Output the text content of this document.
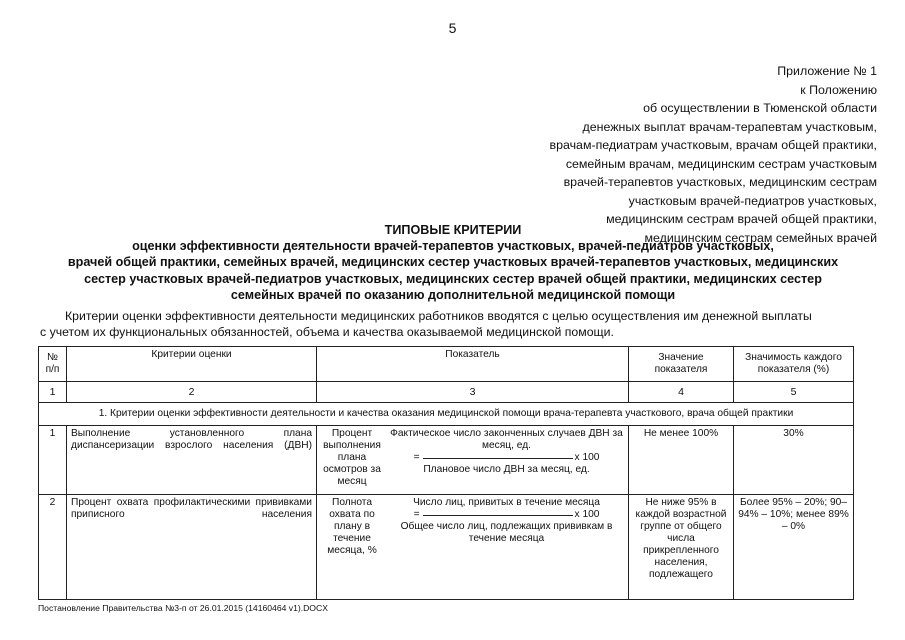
5
Приложение № 1
к Положению
об осуществлении в Тюменской области
денежных выплат врачам-терапевтам участковым,
врачам-педиатрам участковым, врачам общей практики,
семейным врачам, медицинским сестрам участковым
врачей-терапевтов участковых, медицинским сестрам
участковым врачей-педиатров участковых,
медицинским сестрам врачей общей практики,
медицинским сестрам семейных врачей
ТИПОВЫЕ КРИТЕРИИ
оценки эффективности деятельности врачей-терапевтов участковых, врачей-педиатров участковых,
врачей общей практики, семейных врачей, медицинских сестер участковых врачей-терапевтов участковых, медицинских
сестер участковых врачей-педиатров участковых, медицинских сестер врачей общей практики, медицинских сестер
семейных врачей по оказанию дополнительной медицинской помощи
Критерии оценки эффективности деятельности медицинских работников вводятся с целью осуществления им денежной выплаты
с учетом их функциональных обязанностей, объема и качества оказываемой медицинской помощи.
№ п/п	Критерии оценки	Показатель	Значение показателя	Значимость каждого показателя (%)
1	2	3	4	5
1. Критерии оценки эффективности деятельности и качества оказания медицинской помощи врача-терапевта участкового, врача общей практики				
1	Выполнение установленного плана диспансеризации взрослого населения (ДВН)	Процент выполнения плана осмотров за месяц
Фактическое число законченных случаев ДВН за месяц, ед.
= x 100
Плановое число ДВН за месяц, ед.	Не менее 100%	30%
2	Процент охвата профилактическими прививками приписного населения	Полнота охвата по плану в течение месяца, %
Число лиц, привитых в течение месяца
= x 100
Общее число лиц, подлежащих прививкам в течение месяца	Не ниже 95% в каждой возрастной группе от общего числа прикрепленного населения, подлежащего	Более 95% – 20%; 90–94% – 10%; менее 89% – 0%
Постановление Правительства №3-п от 26.01.2015 (14160464 v1).DOCX
